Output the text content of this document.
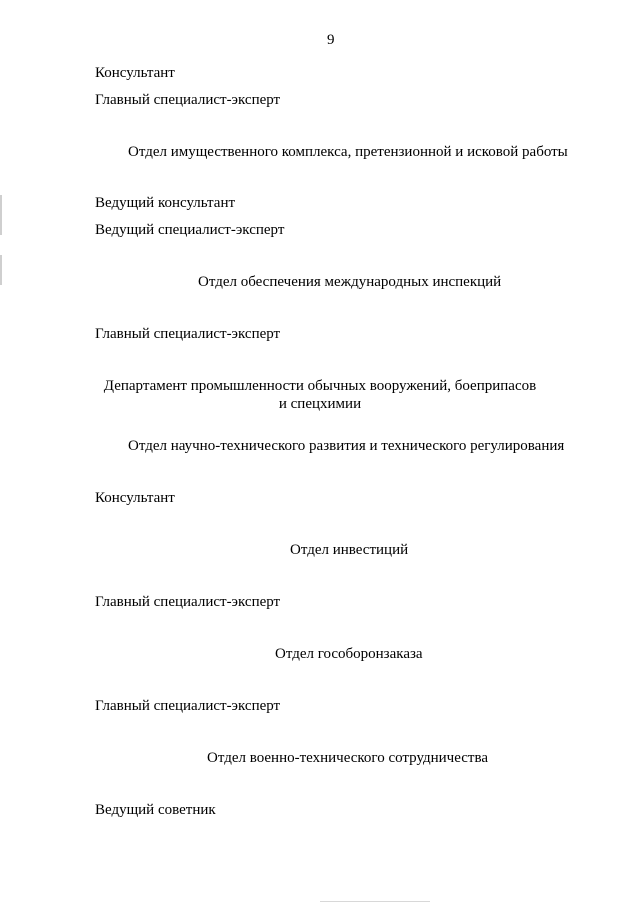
9
Консультант
Главный специалист-эксперт
Отдел имущественного комплекса, претензионной и исковой работы
Ведущий консультант
Ведущий специалист-эксперт
Отдел обеспечения международных инспекций
Главный специалист-эксперт
Департамент промышленности обычных вооружений, боеприпасов
и спецхимии
Отдел научно-технического развития и технического регулирования
Консультант
Отдел инвестиций
Главный специалист-эксперт
Отдел гособоронзаказа
Главный специалист-эксперт
Отдел военно-технического сотрудничества
Ведущий советник
